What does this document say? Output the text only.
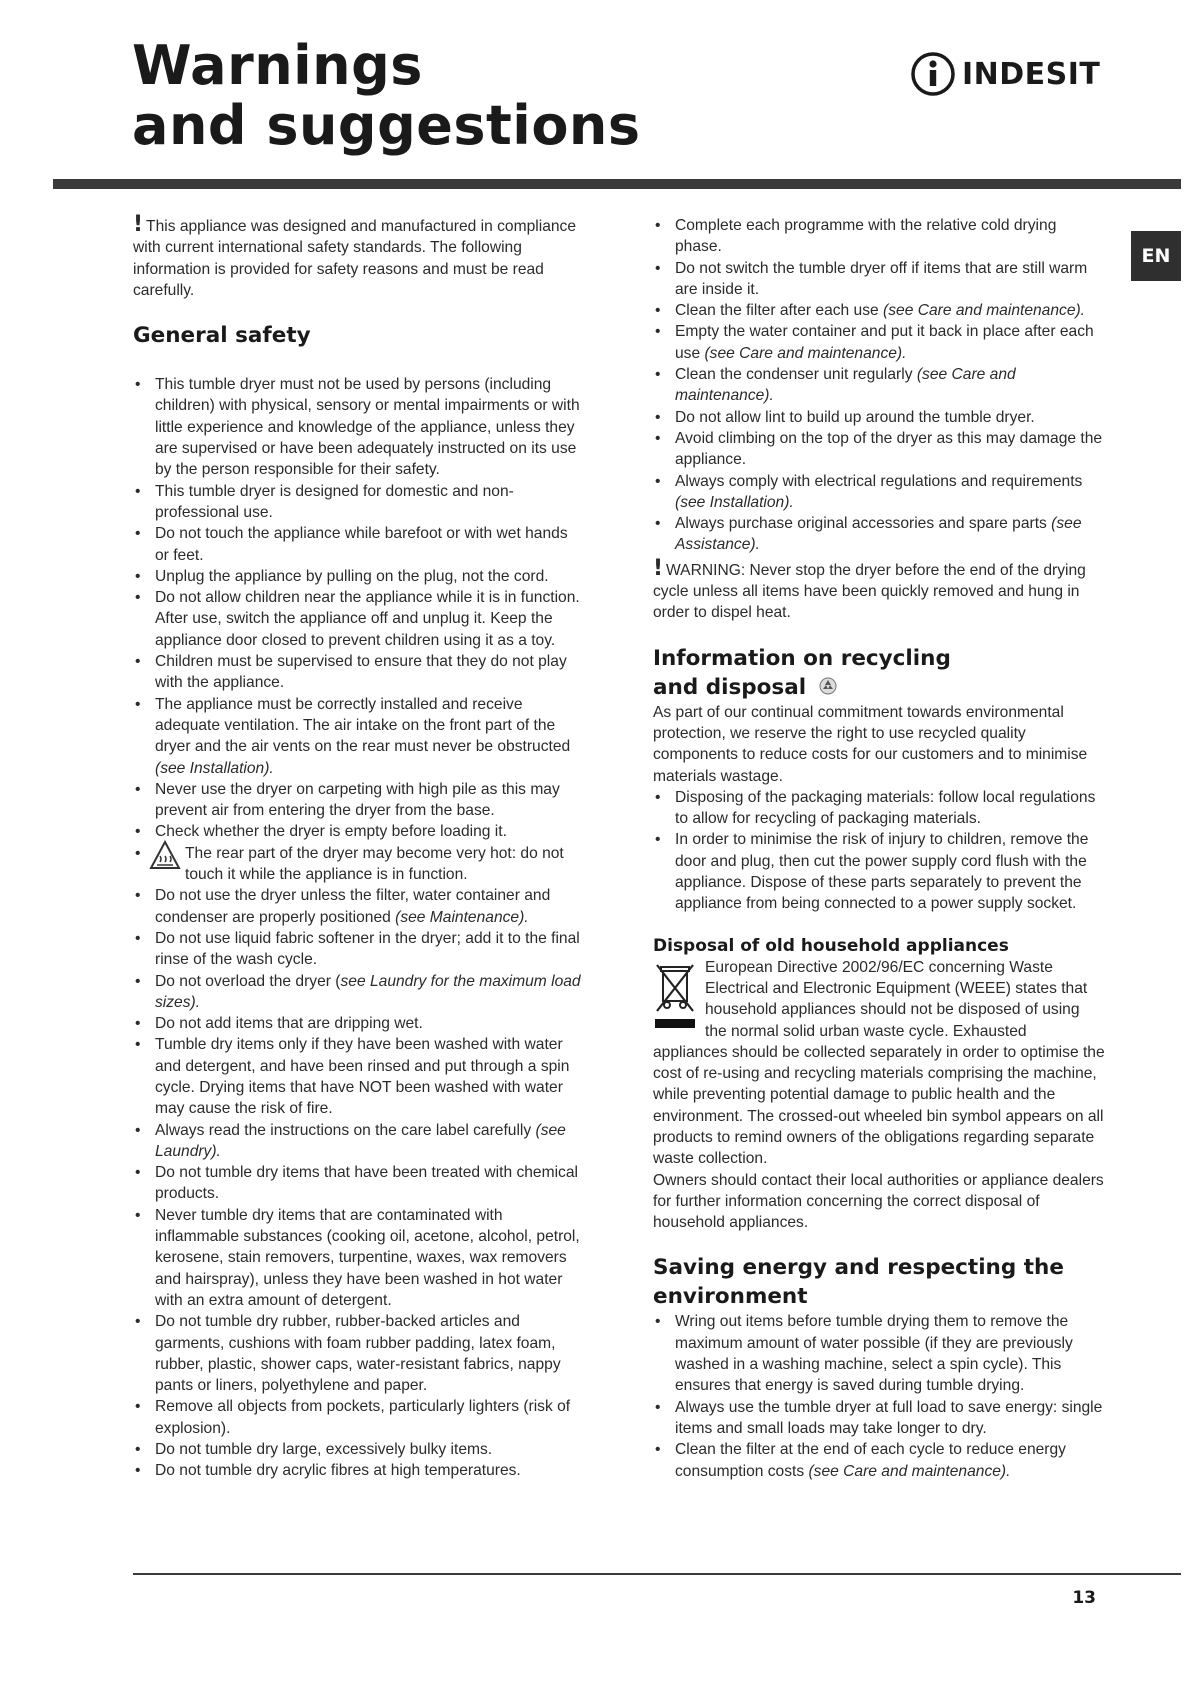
Warnings
and suggestions
INDESIT
EN

! This appliance was designed and manufactured in compliance with current international safety standards. The following information is provided for safety reasons and must be read carefully.

General safety
• This tumble dryer must not be used by persons (including children) with physical, sensory or mental impairments or with little experience and knowledge of the appliance, unless they are supervised or have been adequately instructed on its use by the person responsible for their safety.
• This tumble dryer is designed for domestic and non-professional use.
• Do not touch the appliance while barefoot or with wet hands or feet.
• Unplug the appliance by pulling on the plug, not the cord.
• Do not allow children near the appliance while it is in function. After use, switch the appliance off and unplug it. Keep the appliance door closed to prevent children using it as a toy.
• Children must be supervised to ensure that they do not play with the appliance.
• The appliance must be correctly installed and receive adequate ventilation. The air intake on the front part of the dryer and the air vents on the rear must never be obstructed (see Installation).
• Never use the dryer on carpeting with high pile as this may prevent air from entering the dryer from the base.
• Check whether the dryer is empty before loading it.
• The rear part of the dryer may become very hot: do not touch it while the appliance is in function.
• Do not use the dryer unless the filter, water container and condenser are properly positioned (see Maintenance).
• Do not use liquid fabric softener in the dryer; add it to the final rinse of the wash cycle.
• Do not overload the dryer (see Laundry for the maximum load sizes).
• Do not add items that are dripping wet.
• Tumble dry items only if they have been washed with water and detergent, and have been rinsed and put through a spin cycle. Drying items that have NOT been washed with water may cause the risk of fire.
• Always read the instructions on the care label carefully (see Laundry).
• Do not tumble dry items that have been treated with chemical products.
• Never tumble dry items that are contaminated with inflammable substances (cooking oil, acetone, alcohol, petrol, kerosene, stain removers, turpentine, waxes, wax removers and hairspray), unless they have been washed in hot water with an extra amount of detergent.
• Do not tumble dry rubber, rubber-backed articles and garments, cushions with foam rubber padding, latex foam, rubber, plastic, shower caps, water-resistant fabrics, nappy pants or liners, polyethylene and paper.
• Remove all objects from pockets, particularly lighters (risk of explosion).
• Do not tumble dry large, excessively bulky items.
• Do not tumble dry acrylic fibres at high temperatures.
• Complete each programme with the relative cold drying phase.
• Do not switch the tumble dryer off if items that are still warm are inside it.
• Clean the filter after each use (see Care and maintenance).
• Empty the water container and put it back in place after each use (see Care and maintenance).
• Clean the condenser unit regularly (see Care and maintenance).
• Do not allow lint to build up around the tumble dryer.
• Avoid climbing on the top of the dryer as this may damage the appliance.
• Always comply with electrical regulations and requirements (see Installation).
• Always purchase original accessories and spare parts (see Assistance).

! WARNING: Never stop the dryer before the end of the drying cycle unless all items have been quickly removed and hung in order to dispel heat.

Information on recycling
and disposal

As part of our continual commitment towards environmental protection, we reserve the right to use recycled quality components to reduce costs for our customers and to minimise materials wastage.

• Disposing of the packaging materials: follow local regulations to allow for recycling of packaging materials.
• In order to minimise the risk of injury to children, remove the door and plug, then cut the power supply cord flush with the appliance. Dispose of these parts separately to prevent the appliance from being connected to a power supply socket.
Disposal of old household appliances

European Directive 2002/96/EC concerning Waste Electrical and Electronic Equipment (WEEE) states that household appliances should not be disposed of using the normal solid urban waste cycle. Exhausted appliances should be collected separately in order to optimise the cost of re-using and recycling materials comprising the machine, while preventing potential damage to public health and the environment. The crossed-out wheeled bin symbol appears on all products to remind owners of the obligations regarding separate waste collection.

Owners should contact their local authorities or appliance dealers for further information concerning the correct disposal of household appliances.

Saving energy and respecting the
environment
• Wring out items before tumble drying them to remove the maximum amount of water possible (if they are previously washed in a washing machine, select a spin cycle). This ensures that energy is saved during tumble drying.
• Always use the tumble dryer at full load to save energy: single items and small loads may take longer to dry.
• Clean the filter at the end of each cycle to reduce energy consumption costs (see Care and maintenance).
13
